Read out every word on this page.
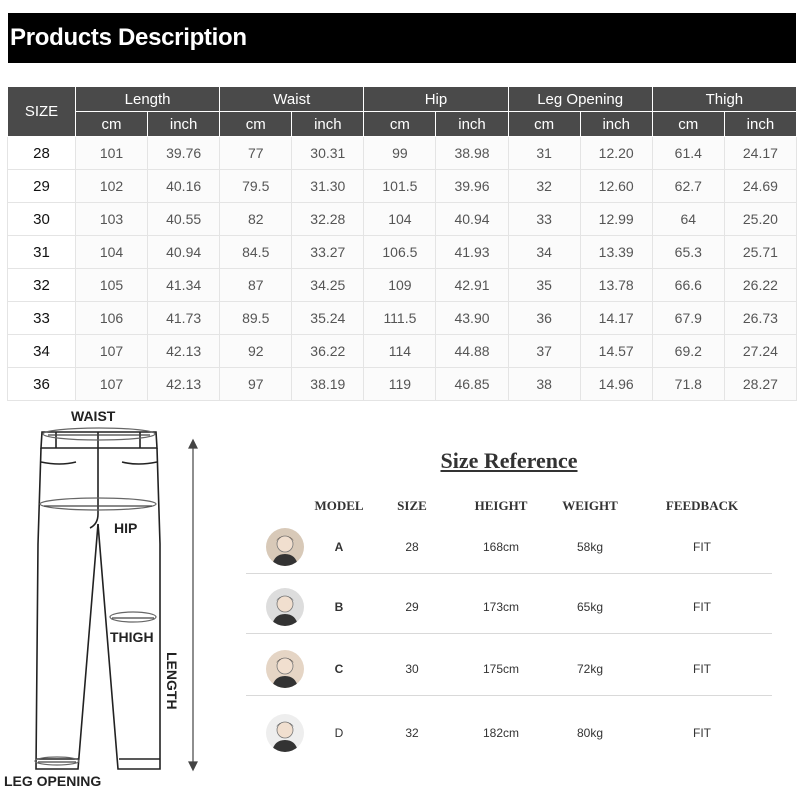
Products Description
SIZE	Length		Waist		Hip		Leg Opening		Thigh	
	cm	inch	cm	inch	cm	inch	cm	inch	cm	inch
28	101	39.76	77	30.31	99	38.98	31	12.20	61.4	24.17
29	102	40.16	79.5	31.30	101.5	39.96	32	12.60	62.7	24.69
30	103	40.55	82	32.28	104	40.94	33	12.99	64	25.20
31	104	40.94	84.5	33.27	106.5	41.93	34	13.39	65.3	25.71
32	105	41.34	87	34.25	109	42.91	35	13.78	66.6	26.22
33	106	41.73	89.5	35.24	111.5	43.90	36	14.17	67.9	26.73
34	107	42.13	92	36.22	114	44.88	37	14.57	69.2	27.24
36	107	42.13	97	38.19	119	46.85	38	14.96	71.8	28.27
WAIST
HIP
THIGH
LENGTH
LEG OPENING
Size Reference
MODEL	SIZE	HEIGHT	WEIGHT	FEEDBACK
A	28	168cm	58kg	FIT
B	29	173cm	65kg	FIT
C	30	175cm	72kg	FIT
D	32	182cm	80kg	FIT
